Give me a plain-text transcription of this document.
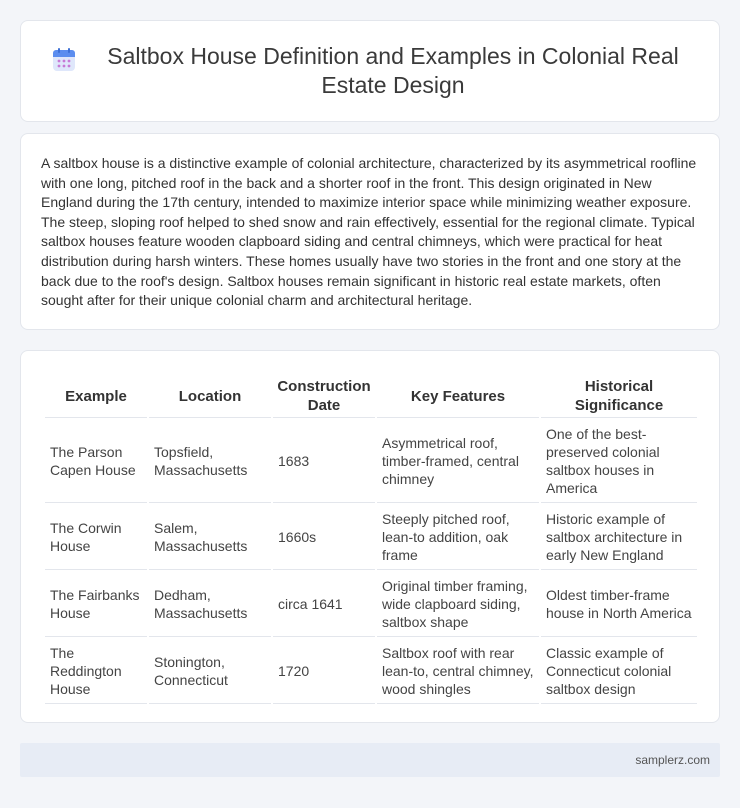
Saltbox House Definition and Examples in Colonial Real Estate Design

A saltbox house is a distinctive example of colonial architecture, characterized by its asymmetrical roofline with one long, pitched roof in the back and a shorter roof in the front. This design originated in New England during the 17th century, intended to maximize interior space while minimizing weather exposure. The steep, sloping roof helped to shed snow and rain effectively, essential for the regional climate. Typical saltbox houses feature wooden clapboard siding and central chimneys, which were practical for heat distribution during harsh winters. These homes usually have two stories in the front and one story at the back due to the roof's design. Saltbox houses remain significant in historic real estate markets, often sought after for their unique colonial charm and architectural heritage.

Example	Location	Construction Date	Key Features	Historical Significance
The Parson Capen House	Topsfield, Massachusetts	1683	Asymmetrical roof, timber-framed, central chimney	One of the best-preserved colonial saltbox houses in America
The Corwin House	Salem, Massachusetts	1660s	Steeply pitched roof, lean-to addition, oak frame	Historic example of saltbox architecture in early New England
The Fairbanks House	Dedham, Massachusetts	circa 1641	Original timber framing, wide clapboard siding, saltbox shape	Oldest timber-frame house in North America
The Reddington House	Stonington, Connecticut	1720	Saltbox roof with rear lean-to, central chimney, wood shingles	Classic example of Connecticut colonial saltbox design
samplerz.com
